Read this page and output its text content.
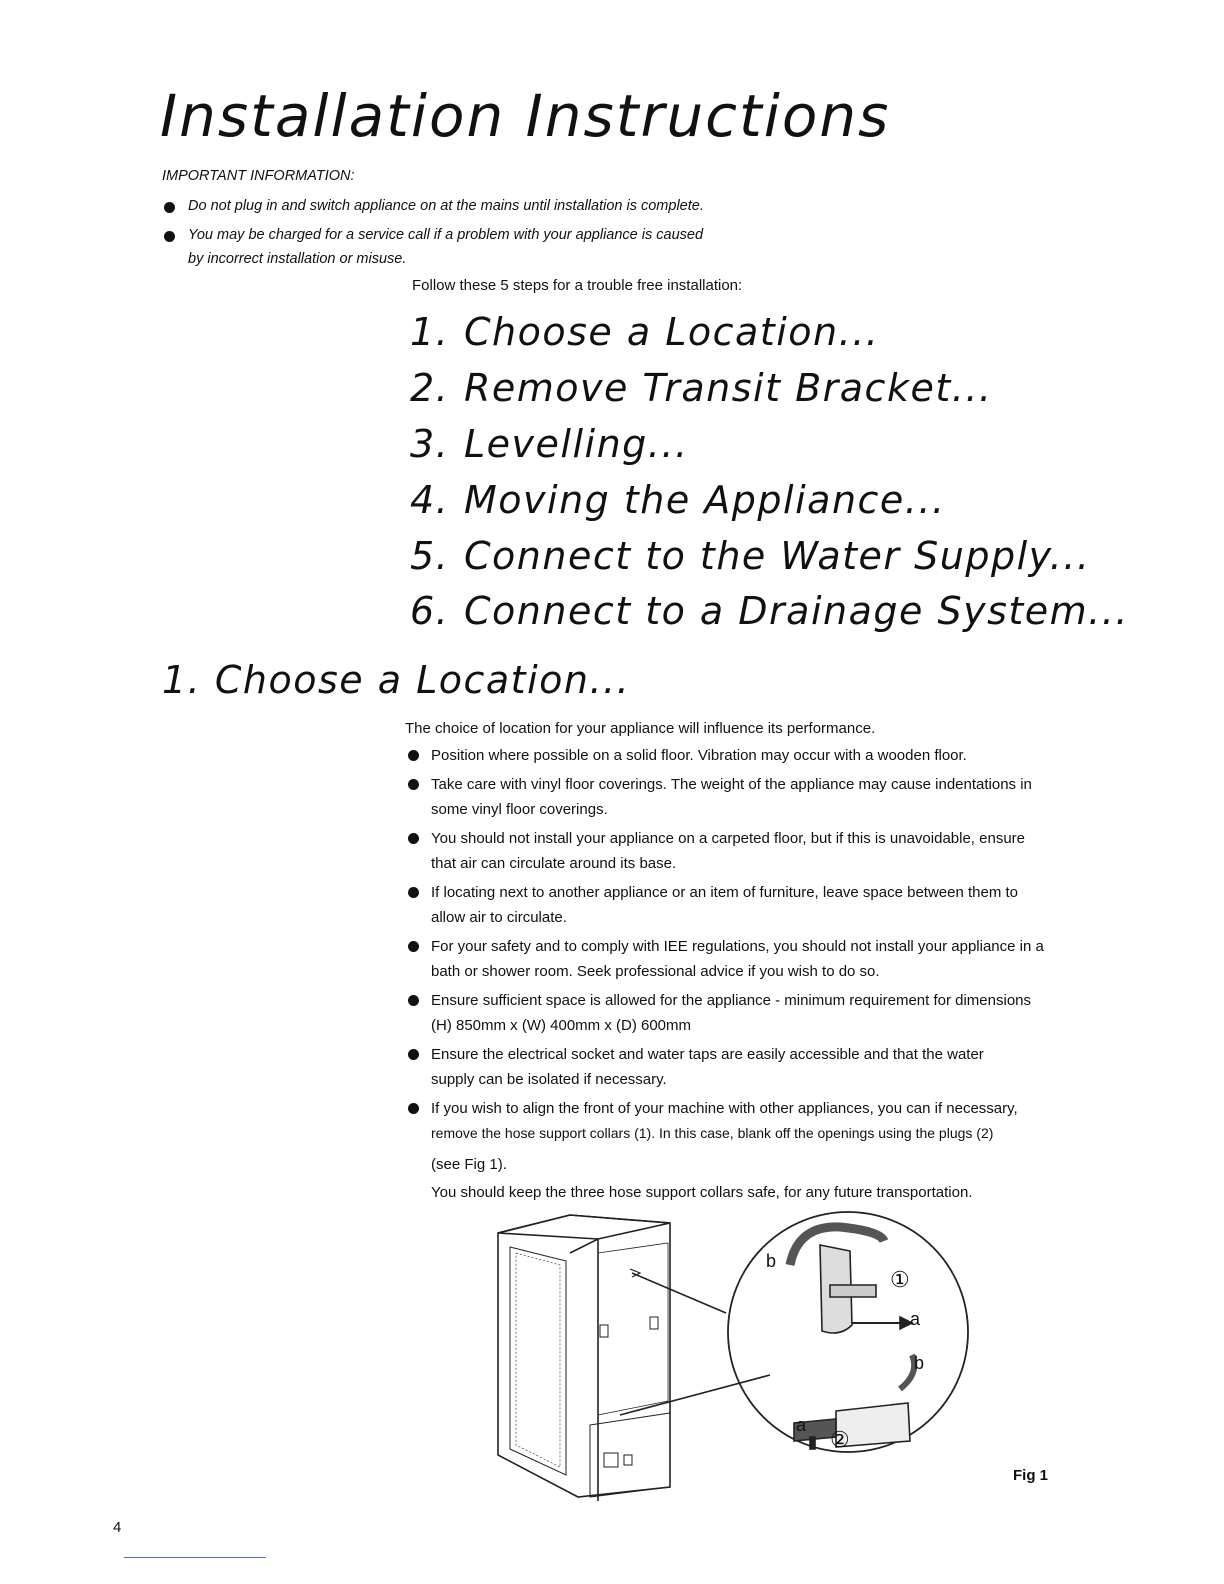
Installation Instructions
IMPORTANT INFORMATION:
Do not plug in and switch appliance on at the mains until installation is complete.
You may be charged for a service call if a problem with your appliance is caused
by incorrect installation or misuse.
Follow these 5 steps for a trouble free installation:
1. Choose a Location...
2. Remove Transit Bracket...
3. Levelling...
4. Moving the Appliance...
5. Connect to the Water Supply...
6. Connect to a Drainage System...
1. Choose a Location...
The choice of location for your appliance will influence its performance.
Position where possible on a solid floor. Vibration may occur with a wooden floor.
Take care with vinyl floor coverings. The weight of the appliance may cause indentations in
some vinyl floor coverings.
You should not install your appliance on a carpeted floor, but if this is unavoidable, ensure
that air can circulate around its base.
If locating next to another appliance or an item of furniture, leave space between them to
allow air to circulate.
For your safety and to comply with IEE regulations, you should not install your appliance in a
bath or shower room. Seek professional advice if you wish to do so.
Ensure sufficient space is allowed for the appliance - minimum requirement for dimensions
(H) 850mm x (W) 400mm x (D) 600mm
Ensure the electrical socket and water taps are easily accessible and that the water
supply can be isolated if necessary.
If you wish to align the front of your machine with other appliances, you can if necessary,
remove the hose support collars (1). In this case, blank off the openings using the plugs (2)
(see Fig 1).
You should keep the three hose support collars safe, for any future transportation.
b
①
a
b
a
②
Fig 1
4
